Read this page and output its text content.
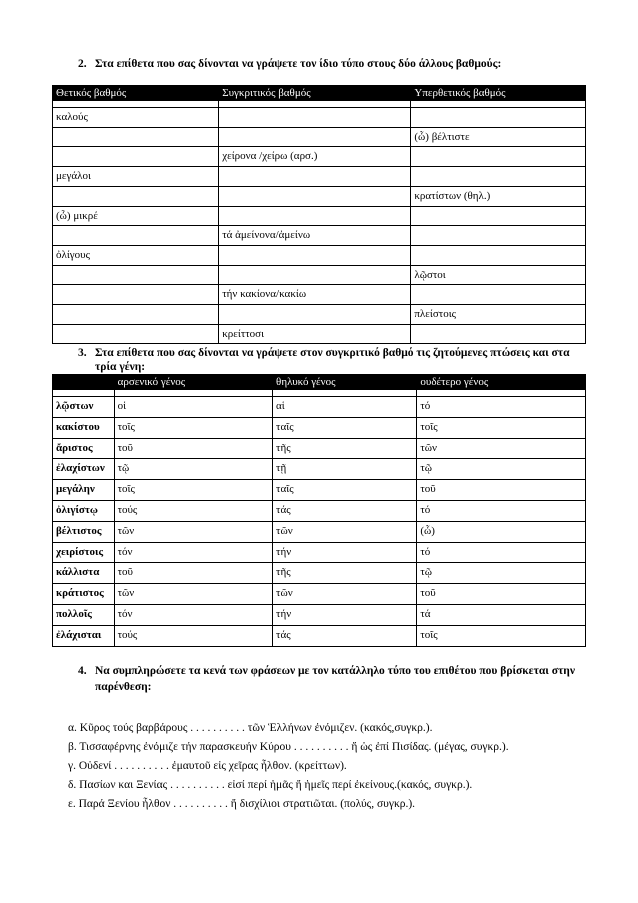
2. Στα επίθετα που σας δίνονται να γράψετε τον ίδιο τύπο στους δύο άλλους βαθμούς:
Θετικός βαθμός	Συγκριτικός βαθμός	Υπερθετικός βαθμός

καλούς		
		(ὦ) βέλτιστε
	χείρονα /χείρω (αρσ.)	
μεγάλοι		
		κρατίστων (θηλ.)
(ὦ) μικρέ		
	τά ἀμείνονα/ἀμείνω	
ὀλίγους		
		λῷστοι
	τήν κακίονα/κακίω	
		πλείστοις
	κρείττοσι	
3. Στα επίθετα που σας δίνονται να γράψετε στον συγκριτικό βαθμό τις ζητούμενες πτώσεις και στα
τρία γένη:
	αρσενικό γένος	θηλυκό γένος	ουδέτερο γένος

λῷστων	οἱ	αἱ	τό
κακίστου	τοῖς	ταῖς	τοῖς
ἄριστος	τοῦ	τῆς	τῶν
ἐλαχίστων	τῷ	τῇ	τῷ
μεγάλην	τοῖς	ταῖς	τοῦ
ὀλιγίστῳ	τούς	τάς	τό
βέλτιστος	τῶν	τῶν	(ὦ)
χειρίστοις	τόν	τήν	τό
κάλλιστα	τοῦ	τῆς	τῷ
κράτιστος	τῶν	τῶν	τοῦ
πολλοῖς	τόν	τήν	τά
ἐλάχισται	τούς	τάς	τοῖς
4. Να συμπληρώσετε τα κενά των φράσεων με τον κατάλληλο τύπο του επιθέτου που βρίσκεται στην
παρένθεση:
α. Κῦρος τούς βαρβάρους . . . . . . . . . . τῶν Ἑλλήνων ἐνόμιζεν. (κακός,συγκρ.).
β. Τισσαφέρνης ἐνόμιζε τήν παρασκευήν Κύρου . . . . . . . . . . ἤ ὡς ἐπί Πισίδας. (μέγας, συγκρ.).
γ. Οὐδενί . . . . . . . . . . ἐμαυτοῦ εἰς χεῖρας ἦλθον. (κρείττων).
δ. Πασίων και Ξενίας . . . . . . . . . . εἰσί περί ἡμᾶς ἤ ἡμεῖς περί ἐκείνους.(κακός, συγκρ.).
ε. Παρά Ξενίου ἦλθον . . . . . . . . . . ἤ δισχίλιοι στρατιῶται. (πολύς, συγκρ.).
